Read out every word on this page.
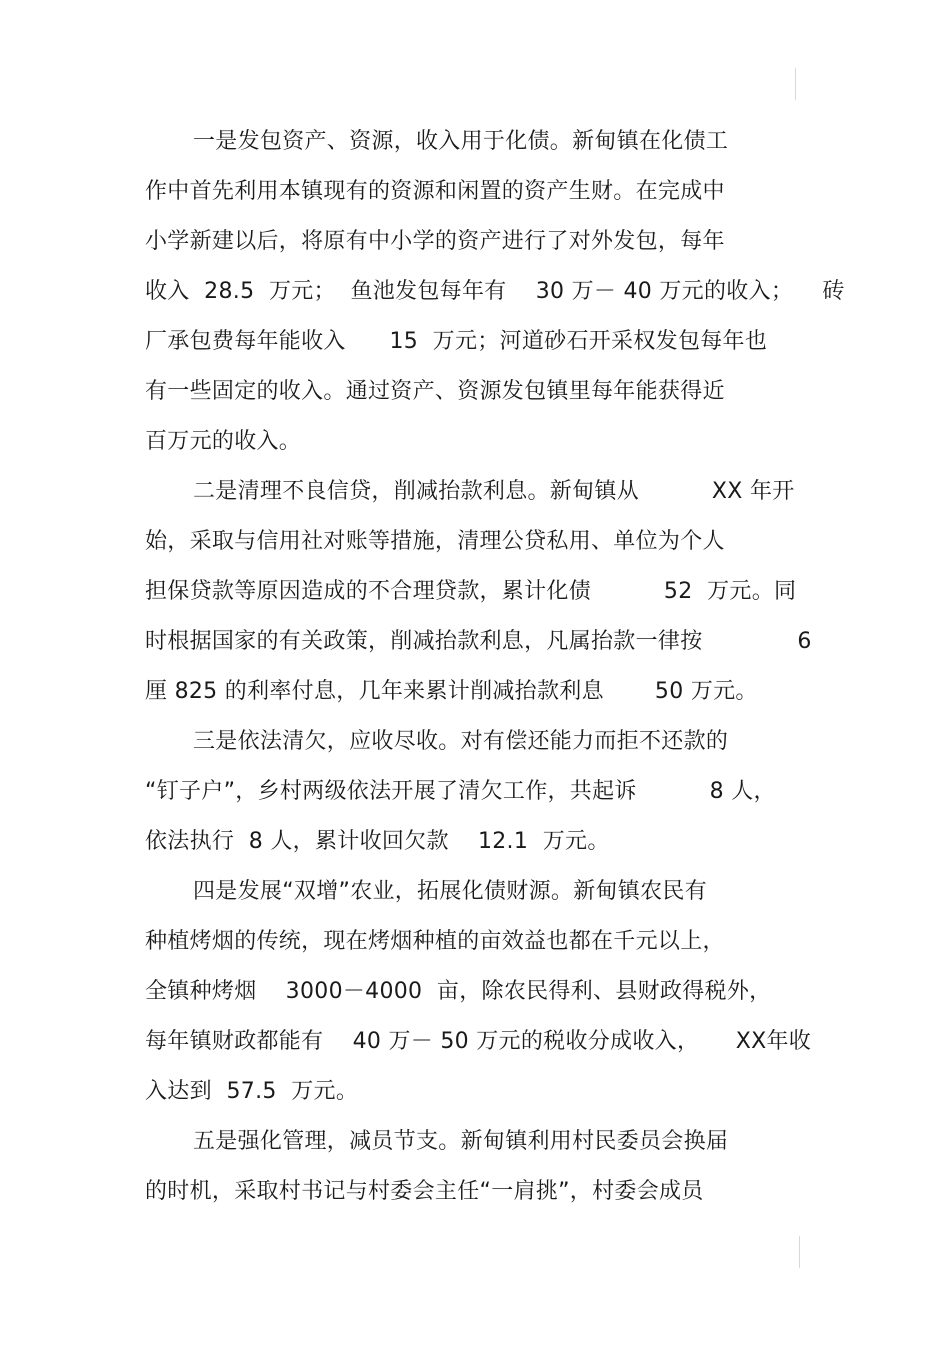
一是发包资产、资源，收入用于化债。新甸镇在化债工
作中首先利用本镇现有的资源和闲置的资产生财。在完成中
小学新建以后，将原有中小学的资产进行了对外发包，每年
收入  28.5  万元；  鱼池发包每年有    30 万－ 40 万元的收入；    砖
厂承包费每年能收入      15  万元；河道砂石开采权发包每年也
有一些固定的收入。通过资产、资源发包镇里每年能获得近
百万元的收入。
二是清理不良信贷，削减抬款利息。新甸镇从          XX 年开
始，采取与信用社对账等措施，清理公贷私用、单位为个人
担保贷款等原因造成的不合理贷款，累计化债          52  万元。同
时根据国家的有关政策，削减抬款利息，凡属抬款一律按             6
厘 825 的利率付息，几年来累计削减抬款利息       50 万元。
三是依法清欠，应收尽收。对有偿还能力而拒不还款的
“钉子户”，乡村两级依法开展了清欠工作，共起诉          8 人，
依法执行  8 人，累计收回欠款    12.1  万元。
四是发展“双增”农业，拓展化债财源。新甸镇农民有
种植烤烟的传统，现在烤烟种植的亩效益也都在千元以上，
全镇种烤烟    3000－4000  亩，除农民得利、县财政得税外，
每年镇财政都能有    40 万－ 50 万元的税收分成收入，     XX年收
入达到  57.5  万元。
五是强化管理，减员节支。新甸镇利用村民委员会换届
的时机，采取村书记与村委会主任“一肩挑”，村委会成员
